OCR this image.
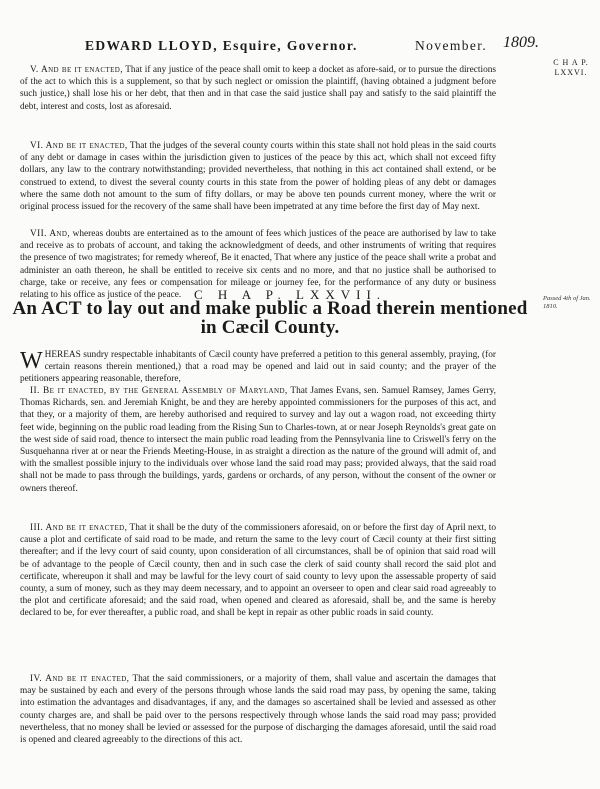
EDWARD LLOYD, Esquire, Governor.	November. 1809.
C H A P.
LXXVI.

V. And be it enacted, That if any justice of the peace shall omit to keep a docket as afore-said, or to pursue the directions of the act to which this is a supplement, so that by such neglect or omission the plaintiff, (having obtained a judgment before such justice,) shall lose his or her debt, that then and in that case the said justice shall pay and satisfy to the said plaintiff the debt, interest and costs, lost as aforesaid.

VI. And be it enacted, That the judges of the several county courts within this state shall not hold pleas in the said courts of any debt or damage in cases within the jurisdiction given to justices of the peace by this act, which shall not exceed fifty dollars, any law to the contrary notwithstanding; provided nevertheless, that nothing in this act contained shall extend, or be construed to extend, to divest the several county courts in this state from the power of holding pleas of any debt or damages where the same doth not amount to the sum of fifty dollars, or may be above ten pounds current money, where the writ or original process issued for the recovery of the same shall have been impetrated at any time before the first day of May next.

VII. And, whereas doubts are entertained as to the amount of fees which justices of the peace are authorised by law to take and receive as to probats of account, and taking the acknowledgment of deeds, and other instruments of writing that requires the presence of two magistrates; for remedy whereof, Be it enacted, That where any justice of the peace shall write a probat and administer an oath thereon, he shall be entitled to receive six cents and no more, and that no justice shall be authorised to charge, take or receive, any fees or compensation for mileage or journey fee, for the performance of any duty or business relating to his office as justice of the peace. C H A P. LXXVII.	Passed 4th of Jan. 1810.
An ACT to lay out and make public a Road therein mentioned in Cæcil County.

WHEREAS sundry respectable inhabitants of Cæcil county have preferred a petition to this general assembly, praying, (for certain reasons therein mentioned,) that a road may be opened and laid out in said county; and the prayer of the petitioners appearing reasonable, therefore,

II. Be it enacted, by the General Assembly of Maryland, That James Evans, sen. Samuel Ramsey, James Gerry, Thomas Richards, sen. and Jeremiah Knight, be and they are hereby appointed commissioners for the purposes of this act, and that they, or a majority of them, are hereby authorised and required to survey and lay out a wagon road, not exceeding thirty feet wide, beginning on the public road leading from the Rising Sun to Charles-town, at or near Joseph Reynolds's great gate on the west side of said road, thence to intersect the main public road leading from the Pennsylvania line to Criswell's ferry on the Susquehanna river at or near the Friends Meeting-House, in as straight a direction as the nature of the ground will admit of, and with the smallest possible injury to the individuals over whose land the said road may pass; provided always, that the said road shall not be made to pass through the buildings, yards, gardens or orchards, of any person, without the consent of the owner or owners thereof.

III. And be it enacted, That it shall be the duty of the commissioners aforesaid, on or before the first day of April next, to cause a plot and certificate of said road to be made, and return the same to the levy court of Cæcil county at their first sitting thereafter; and if the levy court of said county, upon consideration of all circumstances, shall be of opinion that said road will be of advantage to the people of Cæcil county, then and in such case the clerk of said county shall record the said plot and certificate, whereupon it shall and may be lawful for the levy court of said county to levy upon the assessable property of said county, a sum of money, such as they may deem necessary, and to appoint an overseer to open and clear said road agreeably to the plot and certificate aforesaid; and the said road, when opened and cleared as aforesaid, shall be, and the same is hereby declared to be, for ever thereafter, a public road, and shall be kept in repair as other public roads in said county.

IV. And be it enacted, That the said commissioners, or a majority of them, shall value and ascertain the damages that may be sustained by each and every of the persons through whose lands the said road may pass, by opening the same, taking into estimation the advantages and disadvantages, if any, and the damages so ascertained shall be levied and assessed as other county charges are, and shall be paid over to the persons respectively through whose lands the said road may pass; provided nevertheless, that no money shall be levied or assessed for the purpose of discharging the damages aforesaid, until the said road is opened and cleared agreeably to the directions of this act.
